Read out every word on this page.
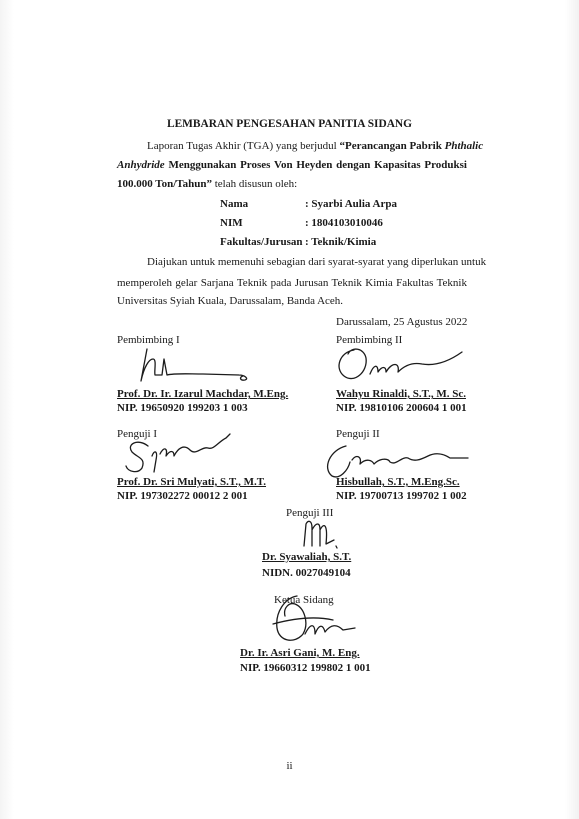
LEMBARAN PENGESAHAN PANITIA SIDANG
Laporan Tugas Akhir (TGA) yang berjudul “Perancangan Pabrik Phthalic
Anhydride Menggunakan Proses Von Heyden dengan Kapasitas Produksi
100.000 Ton/Tahun” telah disusun oleh:
Nama	: Syarbi Aulia Arpa
NIM	: 1804103010046
Fakultas/Jurusan : Teknik/Kimia
Diajukan untuk memenuhi sebagian dari syarat-syarat yang diperlukan untuk
memperoleh gelar Sarjana Teknik pada Jurusan Teknik Kimia Fakultas Teknik
Universitas Syiah Kuala, Darussalam, Banda Aceh.
Darussalam, 25 Agustus 2022
Pembimbing I
Prof. Dr. Ir. Izarul Machdar, M.Eng.
NIP. 19650920 199203 1 003
Pembimbing II
Wahyu Rinaldi, S.T., M. Sc.
NIP. 19810106 200604 1 001
Penguji I
Prof. Dr. Sri Mulyati, S.T., M.T.
NIP. 197302272 00012 2 001
Penguji II
Hisbullah, S.T., M.Eng.Sc.
NIP. 19700713 199702 1 002
Penguji III
Dr. Syawaliah, S.T.
NIDN. 0027049104
Ketua Sidang
Dr. Ir. Asri Gani, M. Eng.
NIP. 19660312 199802 1 001
ii
